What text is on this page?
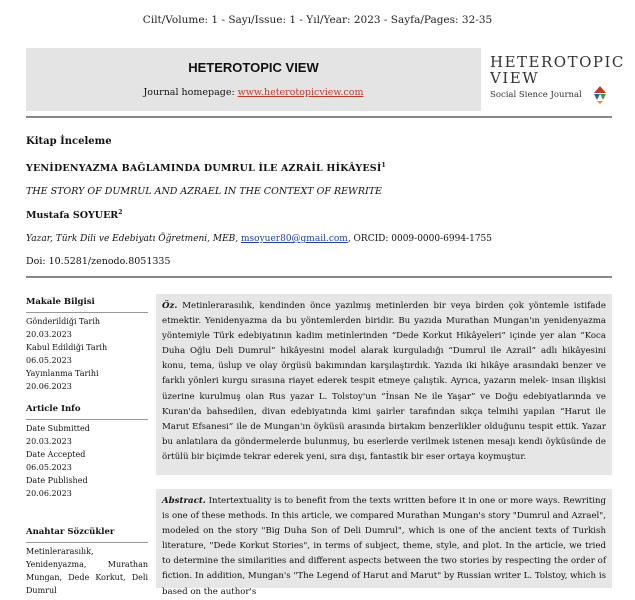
Cilt/Volume: 1 - Sayı/Issue: 1 - Yıl/Year: 2023 - Sayfa/Pages: 32-35
HETEROTOPIC VIEW
Journal homepage: www.heterotopicview.com
HETEROTOPIC
VIEW
Social Sience Journal
Kitap İnceleme
YENİDENYAZMA BAĞLAMINDA DUMRUL İLE AZRAİL HİKÂYESİ$^1$
THE STORY OF DUMRUL AND AZRAEL IN THE CONTEXT OF REWRITE
Mustafa SOYUER$^2$
Yazar, Türk Dili ve Edebiyatı Öğretmeni, MEB, msoyuer80@gmail.com, ORCID: 0009-0000-6994-1755
Doi: 10.5281/zenodo.8051335
Makale Bilgisi
Gönderildiği Tarih
20.03.2023
Kabul Edildiği Tarih
06.05.2023
Yayınlanma Tarihi
20.06.2023
Article Info
Date Submitted
20.03.2023
Date Accepted
06.05.2023
Date Published
20.06.2023
Anahtar Sözcükler
Metinlerarasılık, Yenidenyazma, Murathan Mungan, Dede Korkut, Deli Dumrul
Öz. Metinlerarasılık, kendinden önce yazılmış metinlerden bir veya birden çok yöntemle istifade etmektir. Yenidenyazma da bu yöntemlerden biridir. Bu yazıda Murathan Mungan'ın yenidenyazma yöntemiyle Türk edebiyatının kadim metinlerinden “Dede Korkut Hikâyeleri” içinde yer alan “Koca Duha Oğlu Deli Dumrul” hikâyesini model alarak kurguladığı “Dumrul ile Azrail” adlı hikâyesini konu, tema, üslup ve olay örgüsü bakımından karşılaştırdık. Yazıda iki hikâye arasındaki benzer ve farklı yönleri kurgu sırasına riayet ederek tespit etmeye çalıştık. Ayrıca, yazarın melek- insan ilişkisi üzerine kurulmuş olan Rus yazar L. Tolstoy'un “İnsan Ne ile Yaşar” ve Doğu edebiyatlarında ve Kuran'da bahsedilen, divan edebiyatında kimi şairler tarafından sıkça telmihi yapılan “Harut ile Marut Efsanesi” ile de Mungan'ın öyküsü arasında birtakım benzerlikler olduğunu tespit ettik. Yazar bu anlatılara da göndermelerde bulunmuş, bu eserlerde verilmek istenen mesajı kendi öyküsünde de örtülü bir biçimde tekrar ederek yeni, sıra dışı, fantastik bir eser ortaya koymuştur.
Abstract. Intertextuality is to benefit from the texts written before it in one or more ways. Rewriting is one of these methods. In this article, we compared Murathan Mungan's story "Dumrul and Azrael", modeled on the story "Big Duha Son of Deli Dumrul", which is one of the ancient texts of Turkish literature, "Dede Korkut Stories", in terms of subject, theme, style, and plot. In the article, we tried to determine the similarities and different aspects between the two stories by respecting the order of fiction. In addition, Mungan's "The Legend of Harut and Marut" by Russian writer L. Tolstoy, which is based on the author's
